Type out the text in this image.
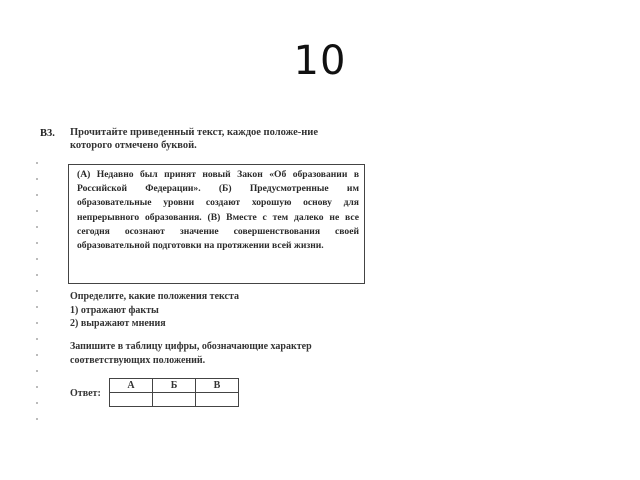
10
В3. Прочитайте приведенный текст, каждое положе-ние которого отмечено буквой.
(А) Недавно был принят новый Закон «Об образовании в Российской Федерации». (Б) Предусмотренные им образовательные уровни создают хорошую основу для непрерывного образования. (В) Вместе с тем далеко не все сегодня осознают значение совершенствования своей образовательной подготовки на протяжении всей жизни.
Определите, какие положения текста
1) отражают факты
2) выражают мнения
Запишите в таблицу цифры, обозначающие характер соответствующих положений.
Ответ:
А	Б	В
